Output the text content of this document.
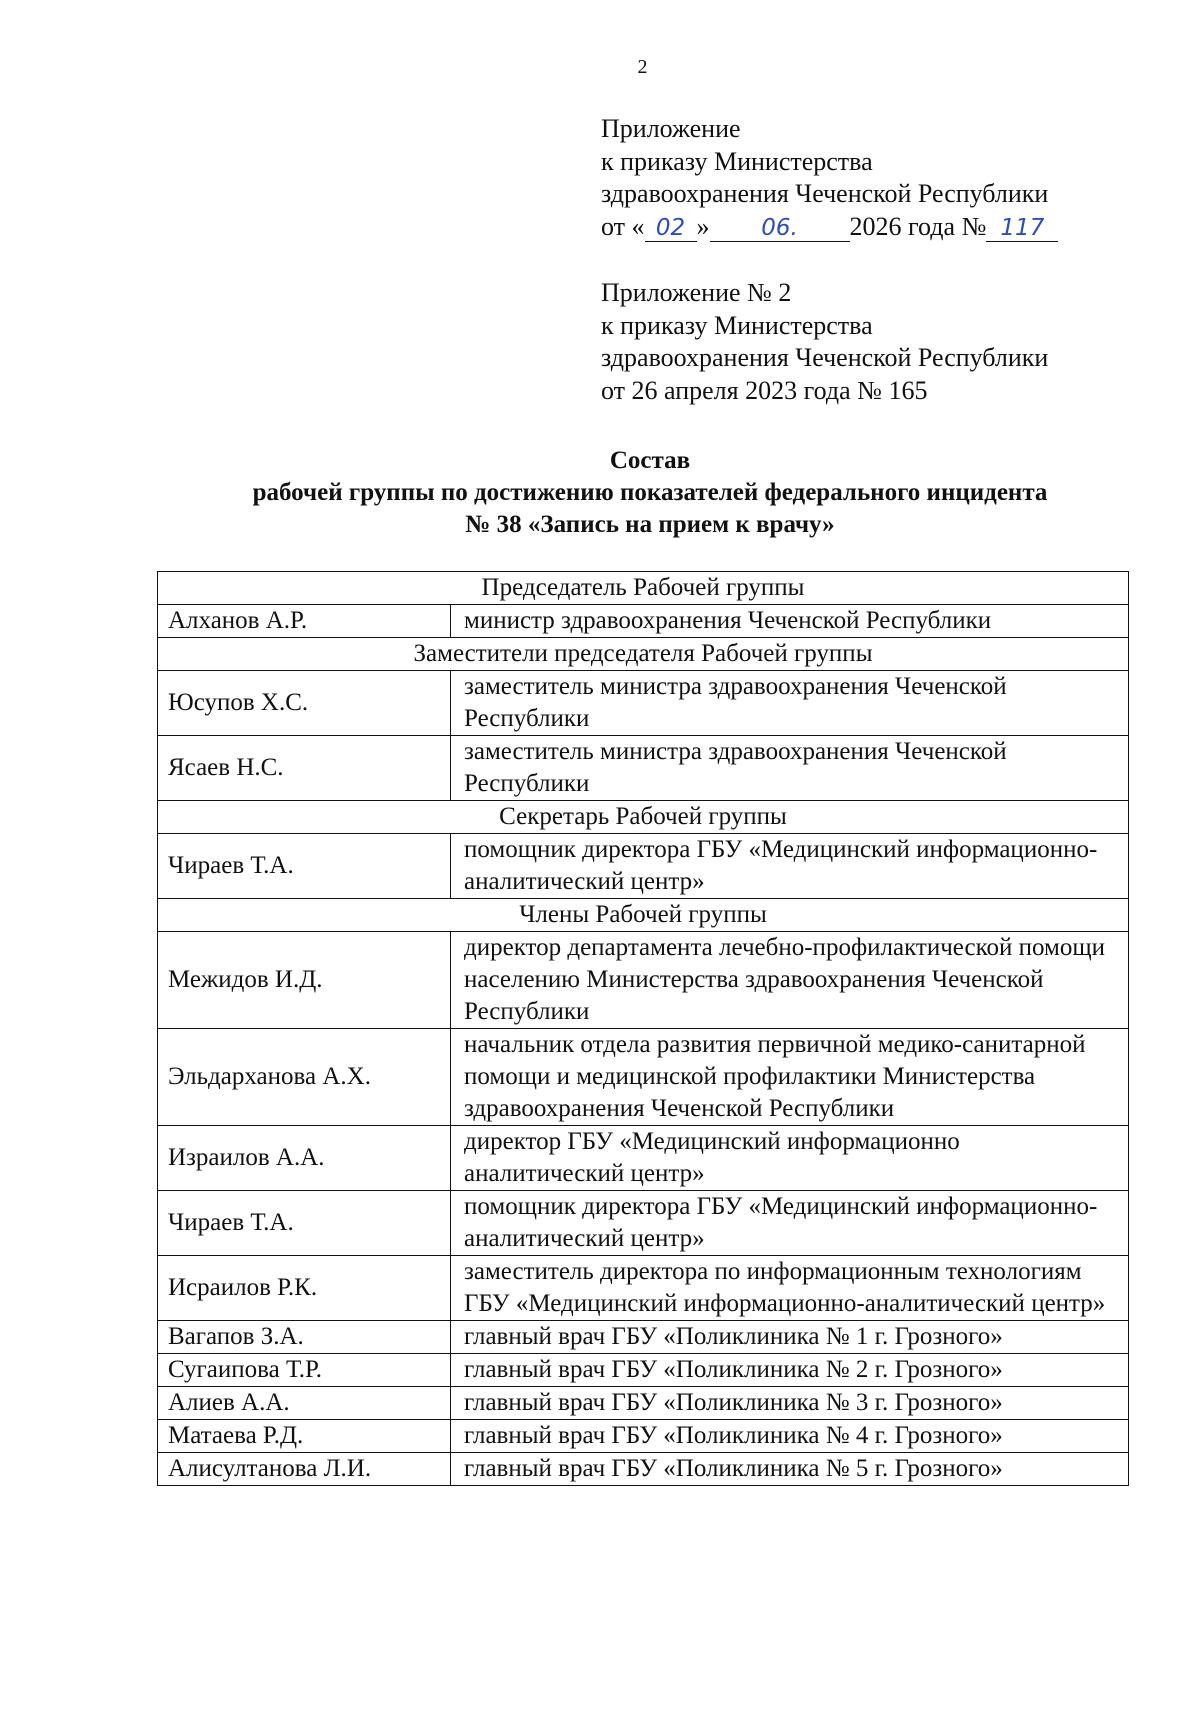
2
Приложение
к приказу Министерства
здравоохранения Чеченской Республики
от « 02 » 06. 2026 года № 117
Приложение № 2
к приказу Министерства
здравоохранения Чеченской Республики
от 26 апреля 2023 года № 165
Состав
рабочей группы по достижению показателей федерального инцидента
№ 38 «Запись на прием к врачу»
Председатель Рабочей группы	
Алханов А.Р.	министр здравоохранения Чеченской Республики
Заместители председателя Рабочей группы	
Юсупов Х.С.	заместитель министра здравоохранения Чеченской Республики
Ясаев Н.С.	заместитель министра здравоохранения Чеченской Республики
Секретарь Рабочей группы	
Чираев Т.А.	помощник директора ГБУ «Медицинский информационно-аналитический центр»
Члены Рабочей группы	
Межидов И.Д.	директор департамента лечебно-профилактической помощи населению Министерства здравоохранения Чеченской Республики
Эльдарханова А.Х.	начальник отдела развития первичной медико-санитарной помощи и медицинской профилактики Министерства здравоохранения Чеченской Республики
Израилов А.А.	директор ГБУ «Медицинский информационно аналитический центр»
Чираев Т.А.	помощник директора ГБУ «Медицинский информационно-аналитический центр»
Исраилов Р.К.	заместитель директора по информационным технологиям ГБУ «Медицинский информационно-аналитический центр»
Вагапов З.А.	главный врач ГБУ «Поликлиника № 1 г. Грозного»
Сугаипова Т.Р.	главный врач ГБУ «Поликлиника № 2 г. Грозного»
Алиев А.А.	главный врач ГБУ «Поликлиника № 3 г. Грозного»
Матаева Р.Д.	главный врач ГБУ «Поликлиника № 4 г. Грозного»
Алисултанова Л.И.	главный врач ГБУ «Поликлиника № 5 г. Грозного»
